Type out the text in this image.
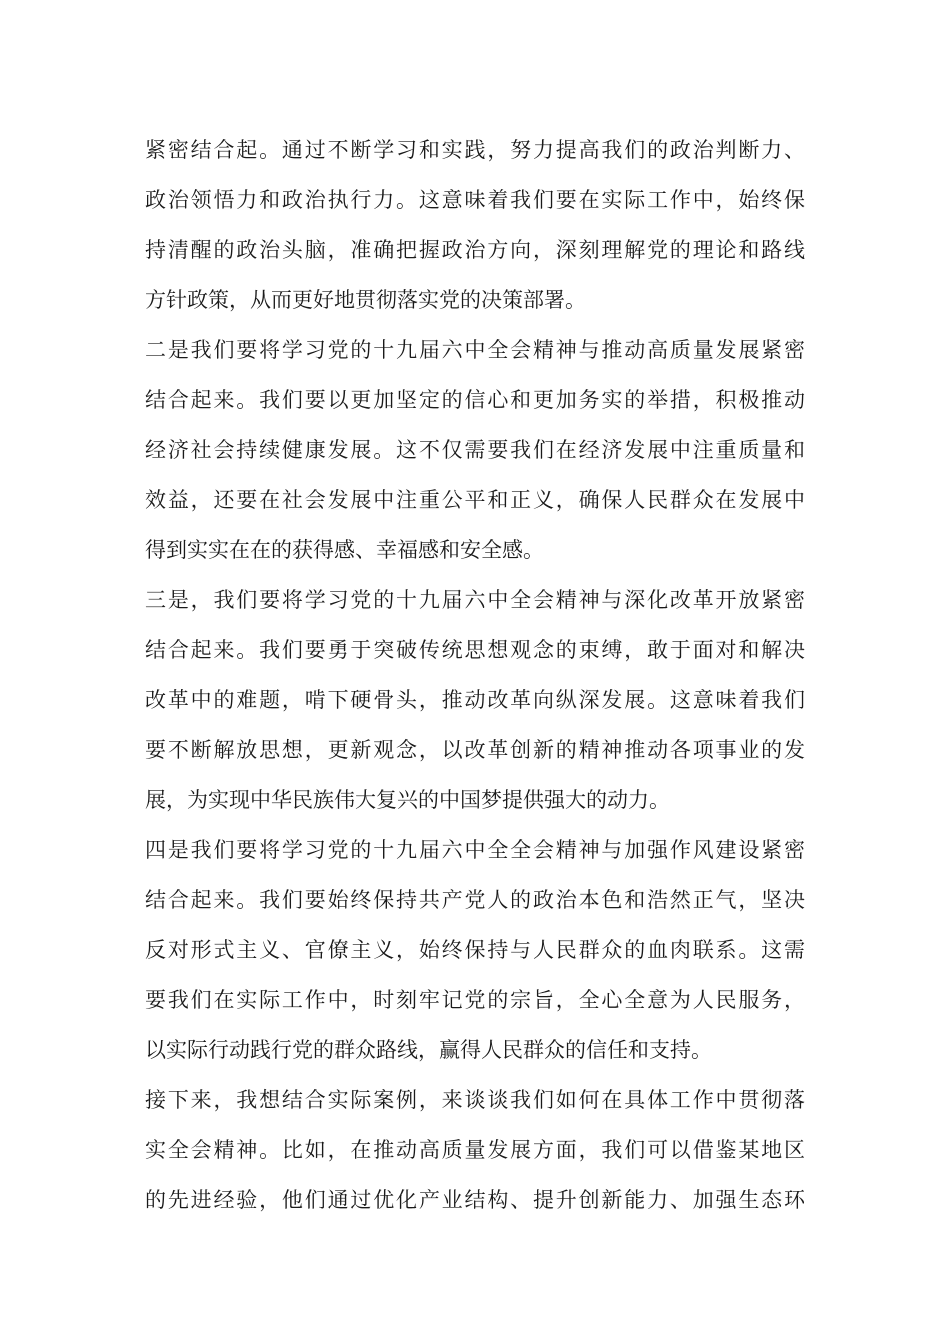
紧密结合起。通过不断学习和实践，努力提高我们的政治判断力、
政治领悟力和政治执行力。这意味着我们要在实际工作中，始终保
持清醒的政治头脑，准确把握政治方向，深刻理解党的理论和路线
方针政策，从而更好地贯彻落实党的决策部署。
二是我们要将学习党的十九届六中全会精神与推动高质量发展紧密
结合起来。我们要以更加坚定的信心和更加务实的举措，积极推动
经济社会持续健康发展。这不仅需要我们在经济发展中注重质量和
效益，还要在社会发展中注重公平和正义，确保人民群众在发展中
得到实实在在的获得感、幸福感和安全感。
三是，我们要将学习党的十九届六中全会精神与深化改革开放紧密
结合起来。我们要勇于突破传统思想观念的束缚，敢于面对和解决
改革中的难题，啃下硬骨头，推动改革向纵深发展。这意味着我们
要不断解放思想，更新观念，以改革创新的精神推动各项事业的发
展，为实现中华民族伟大复兴的中国梦提供强大的动力。
四是我们要将学习党的十九届六中全全会精神与加强作风建设紧密
结合起来。我们要始终保持共产党人的政治本色和浩然正气，坚决
反对形式主义、官僚主义，始终保持与人民群众的血肉联系。这需
要我们在实际工作中，时刻牢记党的宗旨，全心全意为人民服务，
以实际行动践行党的群众路线，赢得人民群众的信任和支持。
接下来，我想结合实际案例，来谈谈我们如何在具体工作中贯彻落
实全会精神。比如，在推动高质量发展方面，我们可以借鉴某地区
的先进经验，他们通过优化产业结构、提升创新能力、加强生态环
